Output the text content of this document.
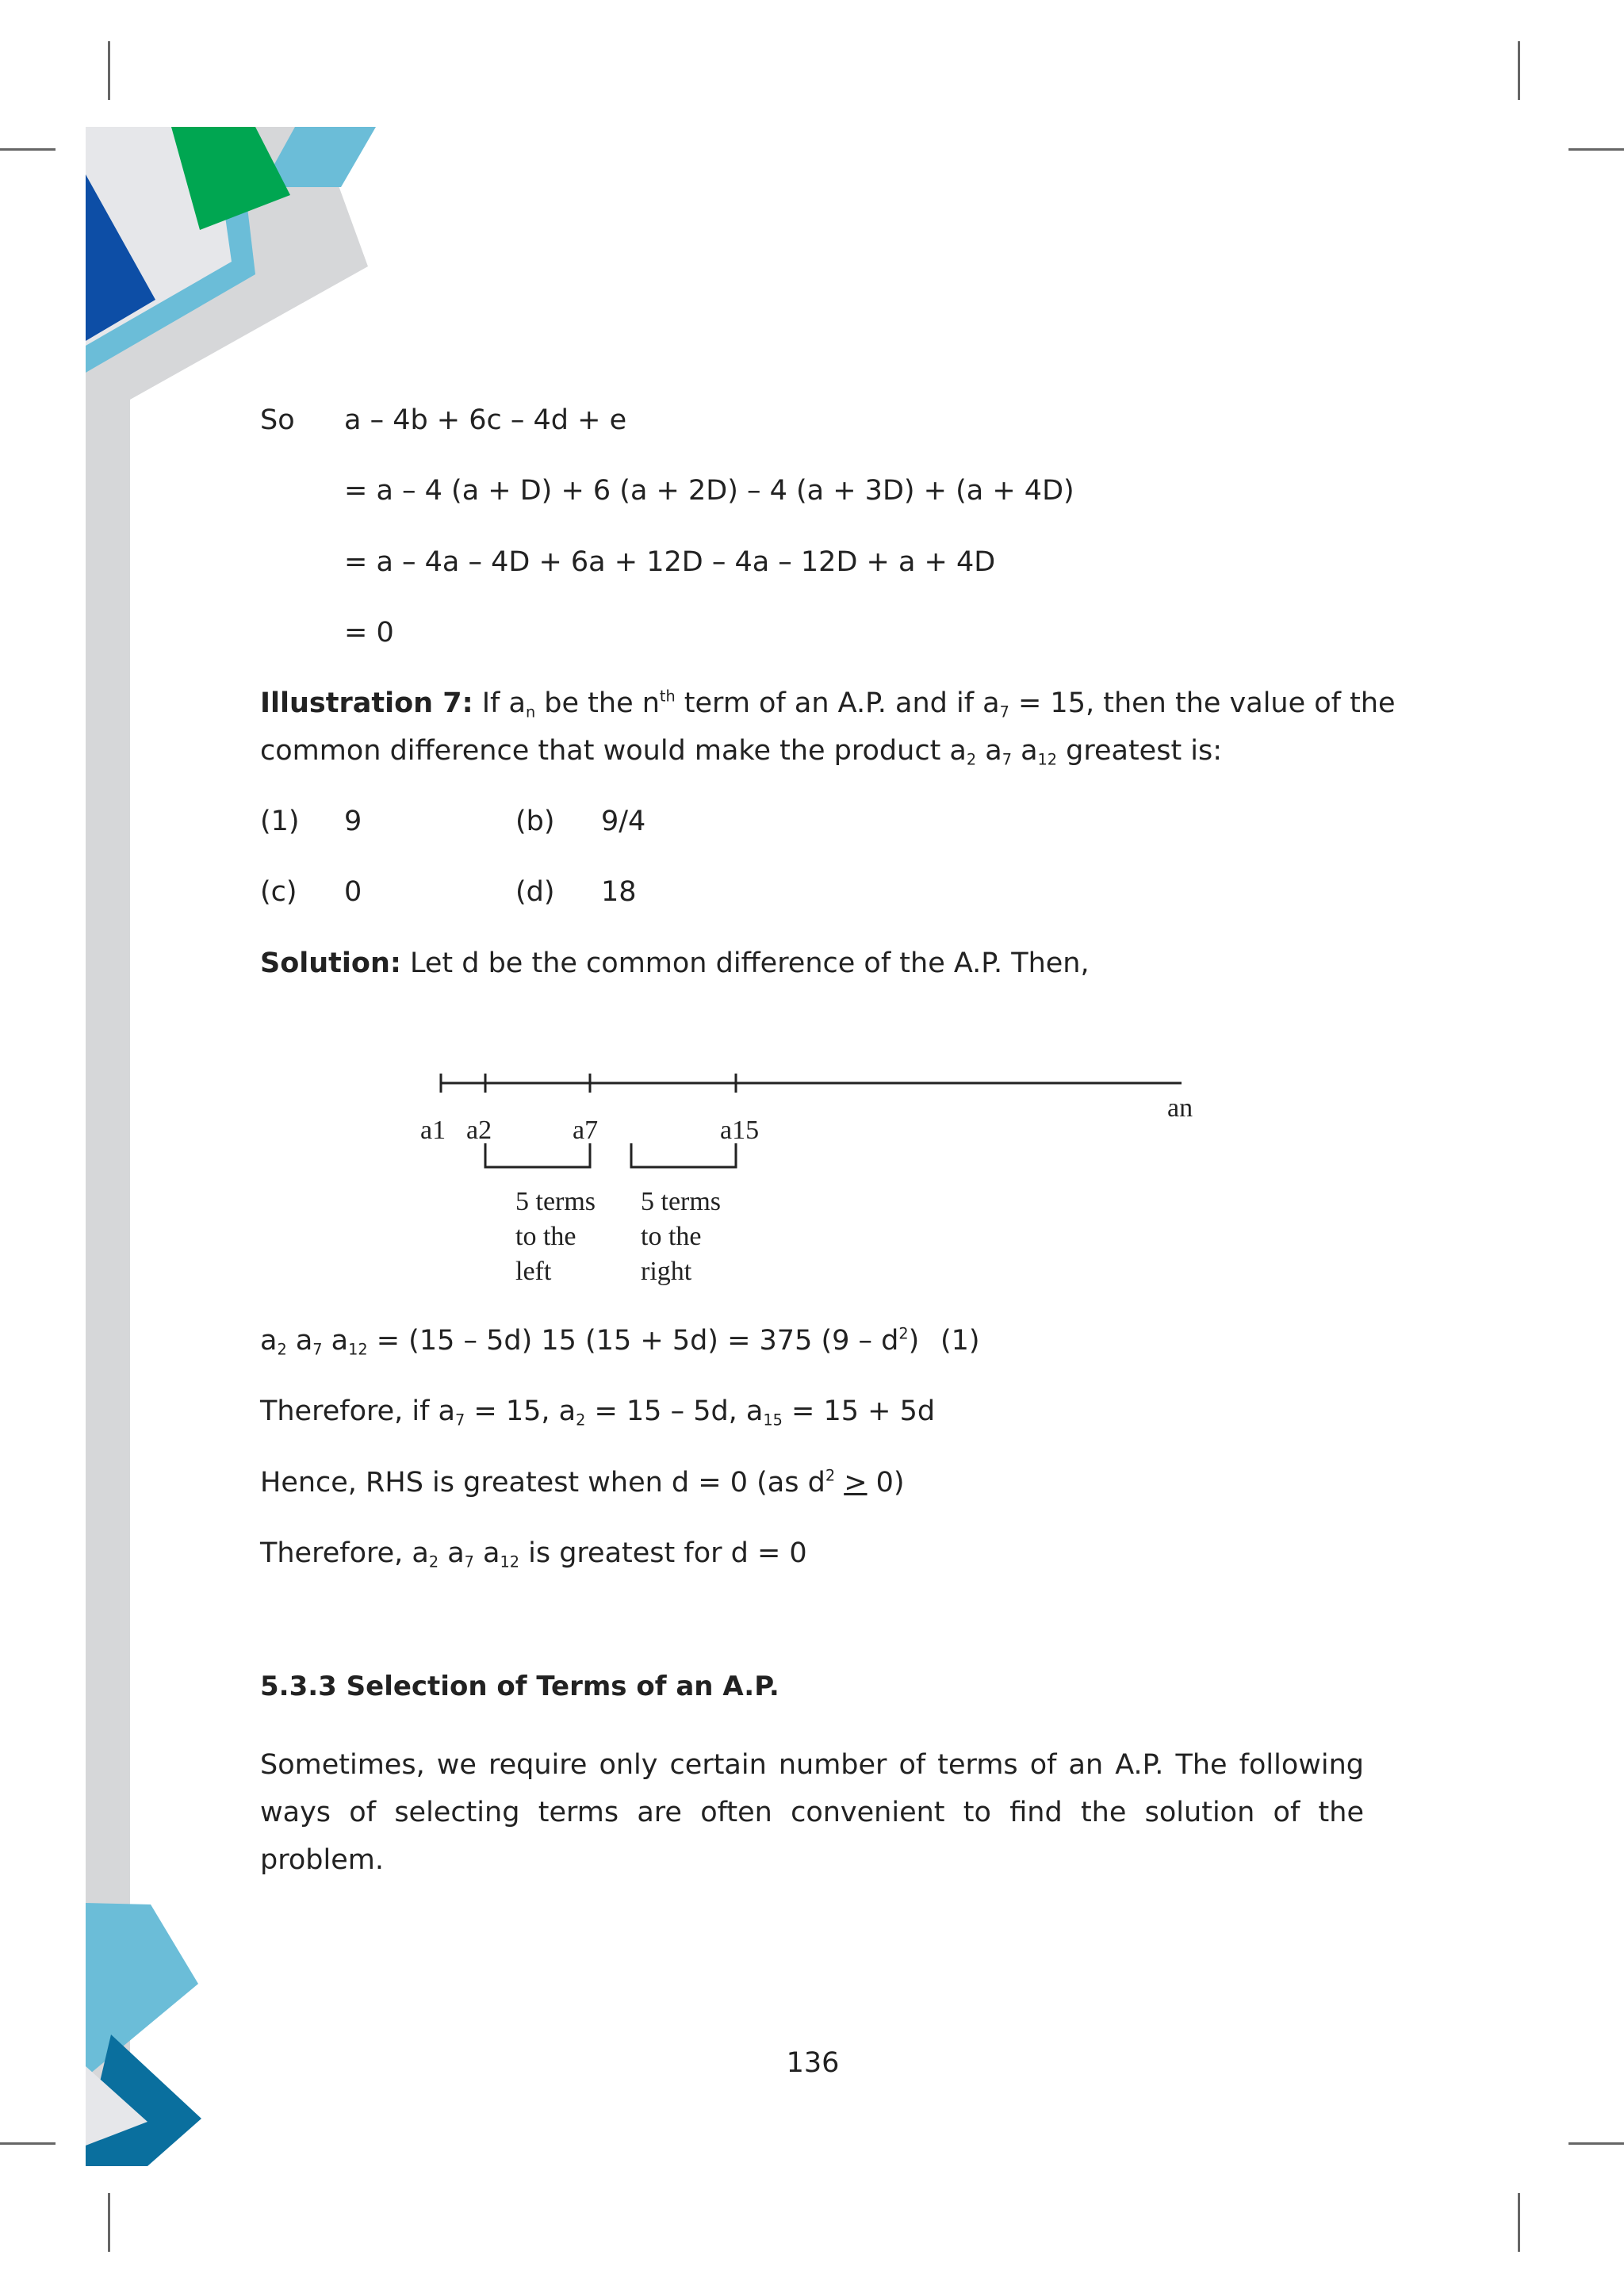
So a – 4b + 6c – 4d + e
= a – 4 (a + D) + 6 (a + 2D) – 4 (a + 3D) + (a + 4D)
= a – 4a – 4D + 6a + 12D – 4a – 12D + a + 4D
= 0
Illustration 7: If $a_n$ be the $n^{th}$ term of an A.P. and if $a_7 = 15$, then the value of the
common difference that would make the product $a_2$ $a_7$ $a_{12}$ greatest is:
(1) 9	(b) 9/4
(c) 0	(d) 18
Solution: Let d be the common difference of the A.P. Then,
a1 a2	a7	a15
an
5 terms
to the
left
5 terms
to the
right
$a_2$ $a_7$ $a_{12} = (15 - 5d)$ 15 (15 + 5d) = 375 $(9 - d^2)$ (1)
Therefore, if $a_7 = 15$, $a_2 = 15 - 5d$, $a_{15} = 15 + 5d$
Hence, RHS is greatest when d = 0 (as $d^2 \ge 0$)
Therefore, $a_2$ $a_7$ $a_{12}$ is greatest for d = 0
5.3.3 Selection of Terms of an A.P.
Sometimes, we require only certain number of terms of an A.P. The following ways of selecting terms are often convenient to find the solution of the problem.
136
